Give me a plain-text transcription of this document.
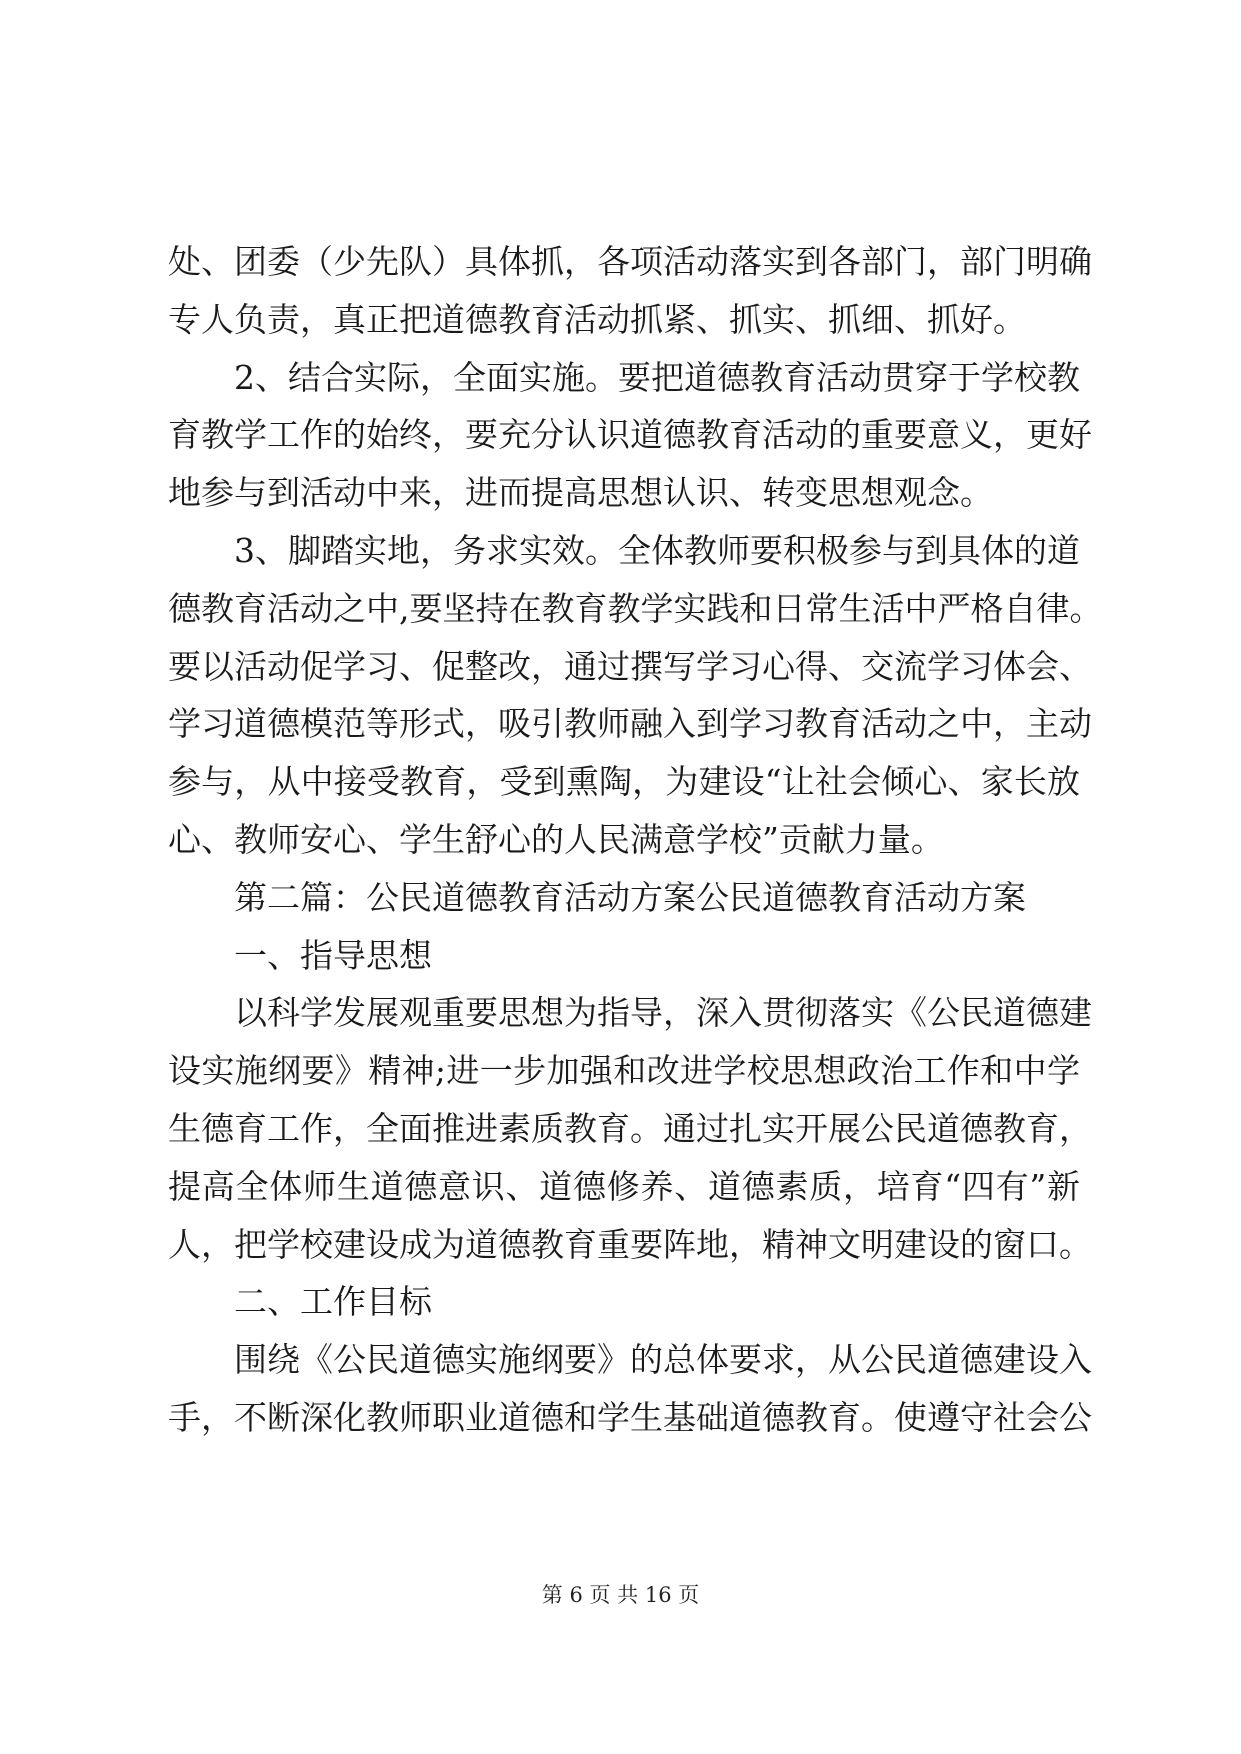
处、团委（少先队）具体抓，各项活动落实到各部门，部门明确
专人负责，真正把道德教育活动抓紧、抓实、抓细、抓好。
2、结合实际，全面实施。要把道德教育活动贯穿于学校教
育教学工作的始终，要充分认识道德教育活动的重要意义，更好
地参与到活动中来，进而提高思想认识、转变思想观念。
3、脚踏实地，务求实效。全体教师要积极参与到具体的道
德教育活动之中,要坚持在教育教学实践和日常生活中严格自律。
要以活动促学习、促整改，通过撰写学习心得、交流学习体会、
学习道德模范等形式，吸引教师融入到学习教育活动之中，主动
参与，从中接受教育，受到熏陶，为建设“让社会倾心、家长放
心、教师安心、学生舒心的人民满意学校”贡献力量。
第二篇：公民道德教育活动方案公民道德教育活动方案
一、指导思想
以科学发展观重要思想为指导，深入贯彻落实《公民道德建
设实施纲要》精神;进一步加强和改进学校思想政治工作和中学
生德育工作，全面推进素质教育。通过扎实开展公民道德教育，
提高全体师生道德意识、道德修养、道德素质，培育“四有”新
人，把学校建设成为道德教育重要阵地，精神文明建设的窗口。
二、工作目标
围绕《公民道德实施纲要》的总体要求，从公民道德建设入
手，不断深化教师职业道德和学生基础道德教育。使遵守社会公
第 6 页 共 16 页
